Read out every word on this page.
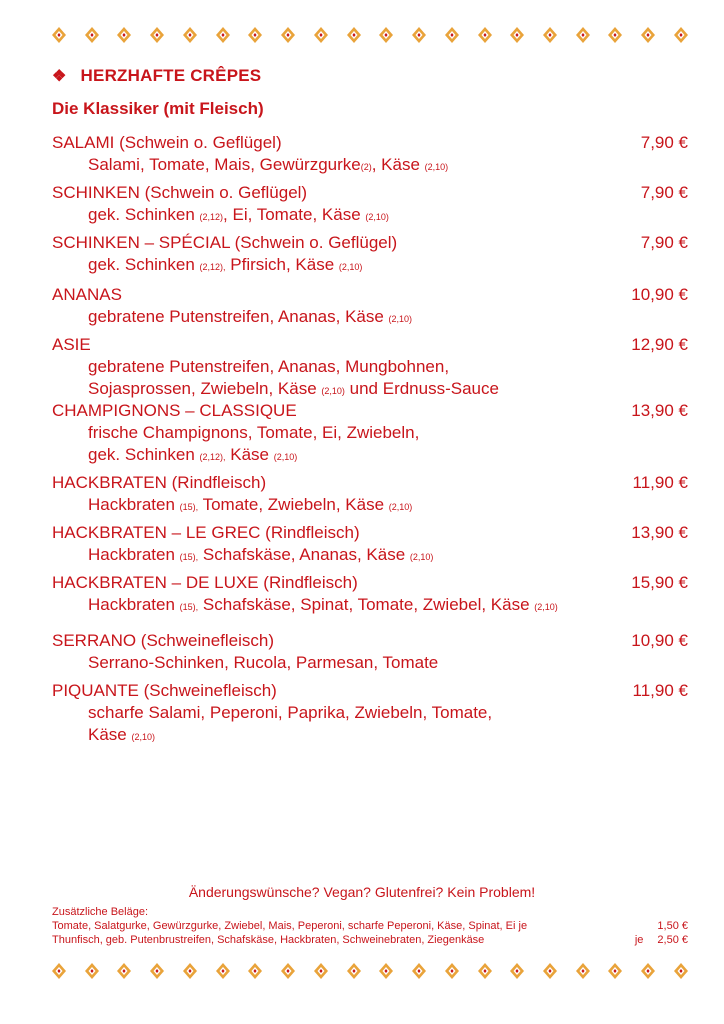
❖ HERZHAFTE CRÊPES
Die Klassiker (mit Fleisch)
SALAMI (Schwein o. Geflügel)	7,90 €
Salami, Tomate, Mais, Gewürzgurke(2), Käse (2,10)
SCHINKEN (Schwein o. Geflügel)	7,90 €
gek. Schinken (2,12), Ei, Tomate, Käse (2,10)
SCHINKEN – SPÉCIAL (Schwein o. Geflügel)	7,90 €
gek. Schinken (2,12), Pfirsich, Käse (2,10)
ANANAS	10,90 €
gebratene Putenstreifen, Ananas, Käse (2,10)
ASIE	12,90 €
gebratene Putenstreifen, Ananas, Mungbohnen,
Sojasprossen, Zwiebeln, Käse (2,10) und Erdnuss-Sauce
CHAMPIGNONS – CLASSIQUE	13,90 €
frische Champignons, Tomate, Ei, Zwiebeln,
gek. Schinken (2,12), Käse (2,10)
HACKBRATEN (Rindfleisch)	11,90 €
Hackbraten (15), Tomate, Zwiebeln, Käse (2,10)
HACKBRATEN – LE GREC (Rindfleisch)	13,90 €
Hackbraten (15), Schafskäse, Ananas, Käse (2,10)
HACKBRATEN – DE LUXE (Rindfleisch)	15,90 €
Hackbraten (15), Schafskäse, Spinat, Tomate, Zwiebel, Käse (2,10)
SERRANO (Schweinefleisch)	10,90 €
Serrano-Schinken, Rucola, Parmesan, Tomate
PIQUANTE (Schweinefleisch)	11,90 €
scharfe Salami, Peperoni, Paprika, Zwiebeln, Tomate,
Käse (2,10)
Änderungswünsche? Vegan? Glutenfrei? Kein Problem!
Zusätzliche Beläge:
Tomate, Salatgurke, Gewürzgurke, Zwiebel, Mais, Peperoni, scharfe Peperoni, Käse, Spinat, Ei je	1,50 €
Thunfisch, geb. Putenbrustreifen, Schafskäse, Hackbraten, Schweinebraten, Ziegenkäse	je 2,50 €
